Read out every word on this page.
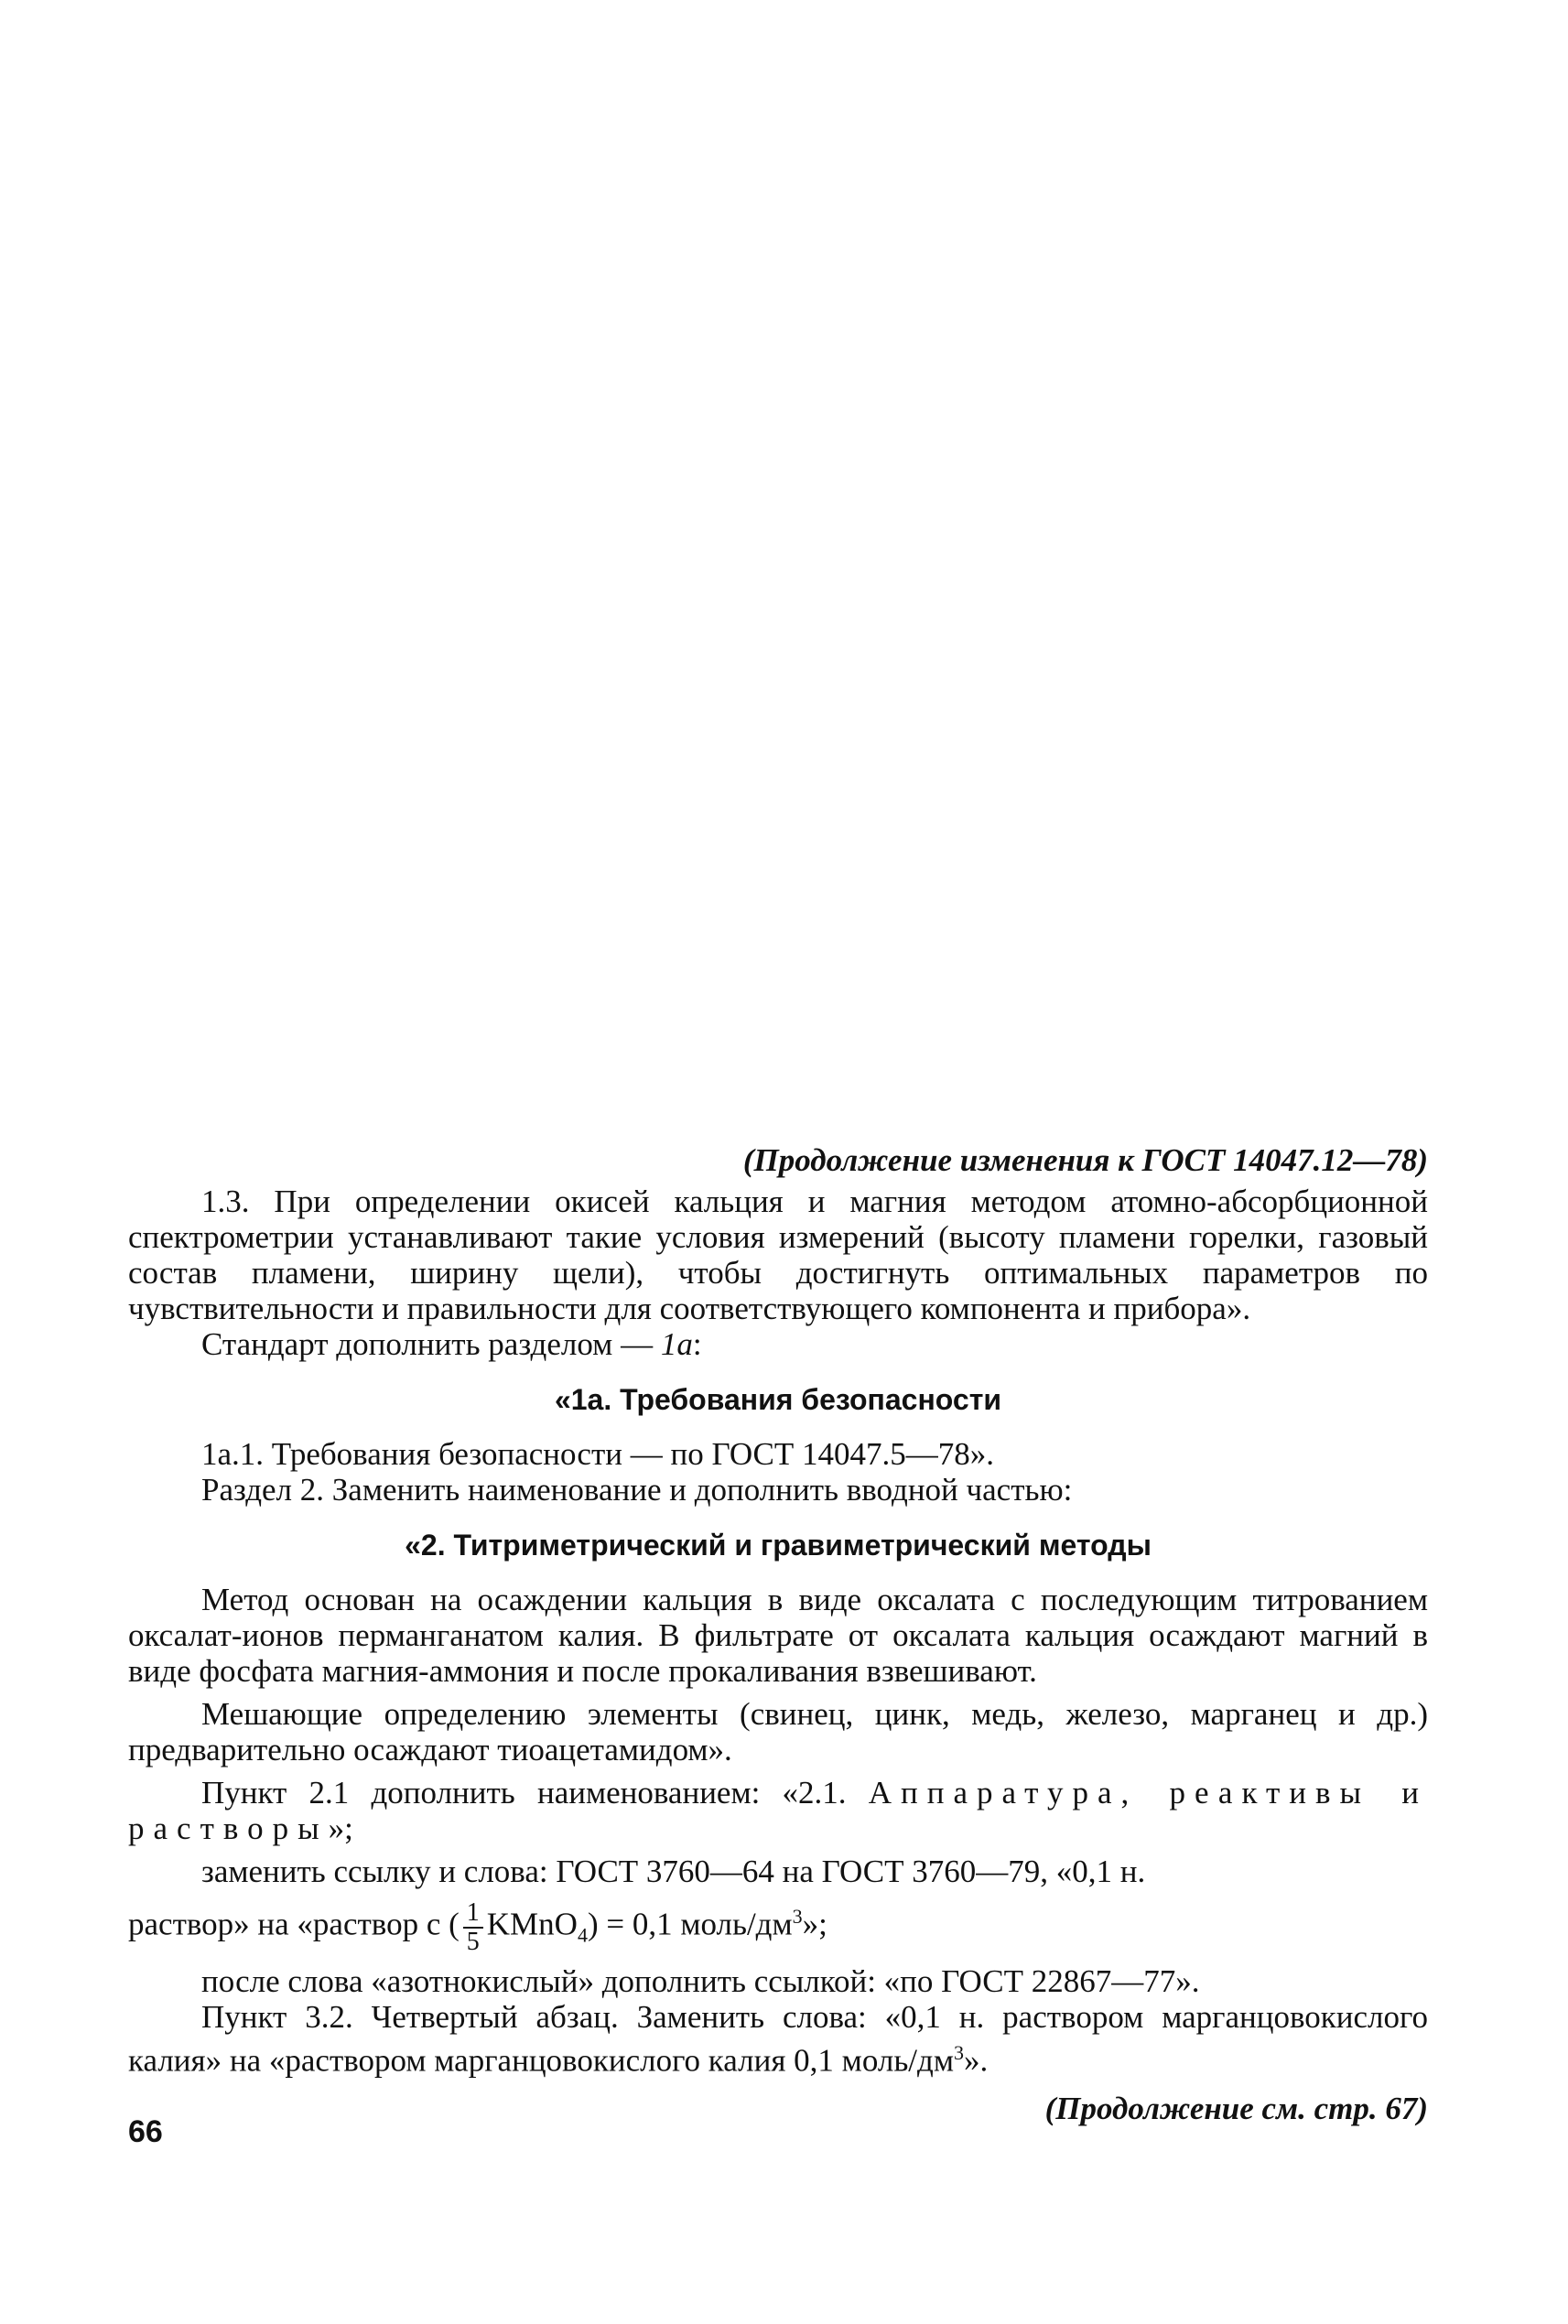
(Продолжение изменения к ГОСТ 14047.12—78)

1.3. При определении окисей кальция и магния методом атомно-абсорбционной спектрометрии устанавливают такие условия измерений (высоту пламени горелки, газовый состав пламени, ширину щели), чтобы достигнуть оптимальных параметров по чувствительности и правильности для соответствующего компонента и прибора».

Стандарт дополнить разделом — 1а:

«1а. Требования безопасности

1а.1. Требования безопасности — по ГОСТ 14047.5—78».

Раздел 2. Заменить наименование и дополнить вводной частью:

«2. Титриметрический и гравиметрический методы

Метод основан на осаждении кальция в виде оксалата с последующим титрованием оксалат-ионов перманганатом калия. В фильтрате от оксалата кальция осаждают магний в виде фосфата магния-аммония и после прокаливания взвешивают.

Мешающие определению элементы (свинец, цинк, медь, железо, марганец и др.) предварительно осаждают тиоацетамидом».

Пункт 2.1 дополнить наименованием: «2.1. Аппаратура, реактивы и растворы»;

заменить ссылку и слова: ГОСТ 3760—64 на ГОСТ 3760—79, «0,1 н.

раствор» на «раствор с ( $\frac{1}{5}$ KMnO$_4$) = 0,1 моль/$дм^3$»;

после слова «азотнокислый» дополнить ссылкой: «по ГОСТ 22867—77».

Пункт 3.2. Четвертый абзац. Заменить слова: «0,1 н. раствором марганцовокислого калия» на «раствором марганцовокислого калия 0,1 моль/$дм^3$».

(Продолжение см. стр. 67)
66
